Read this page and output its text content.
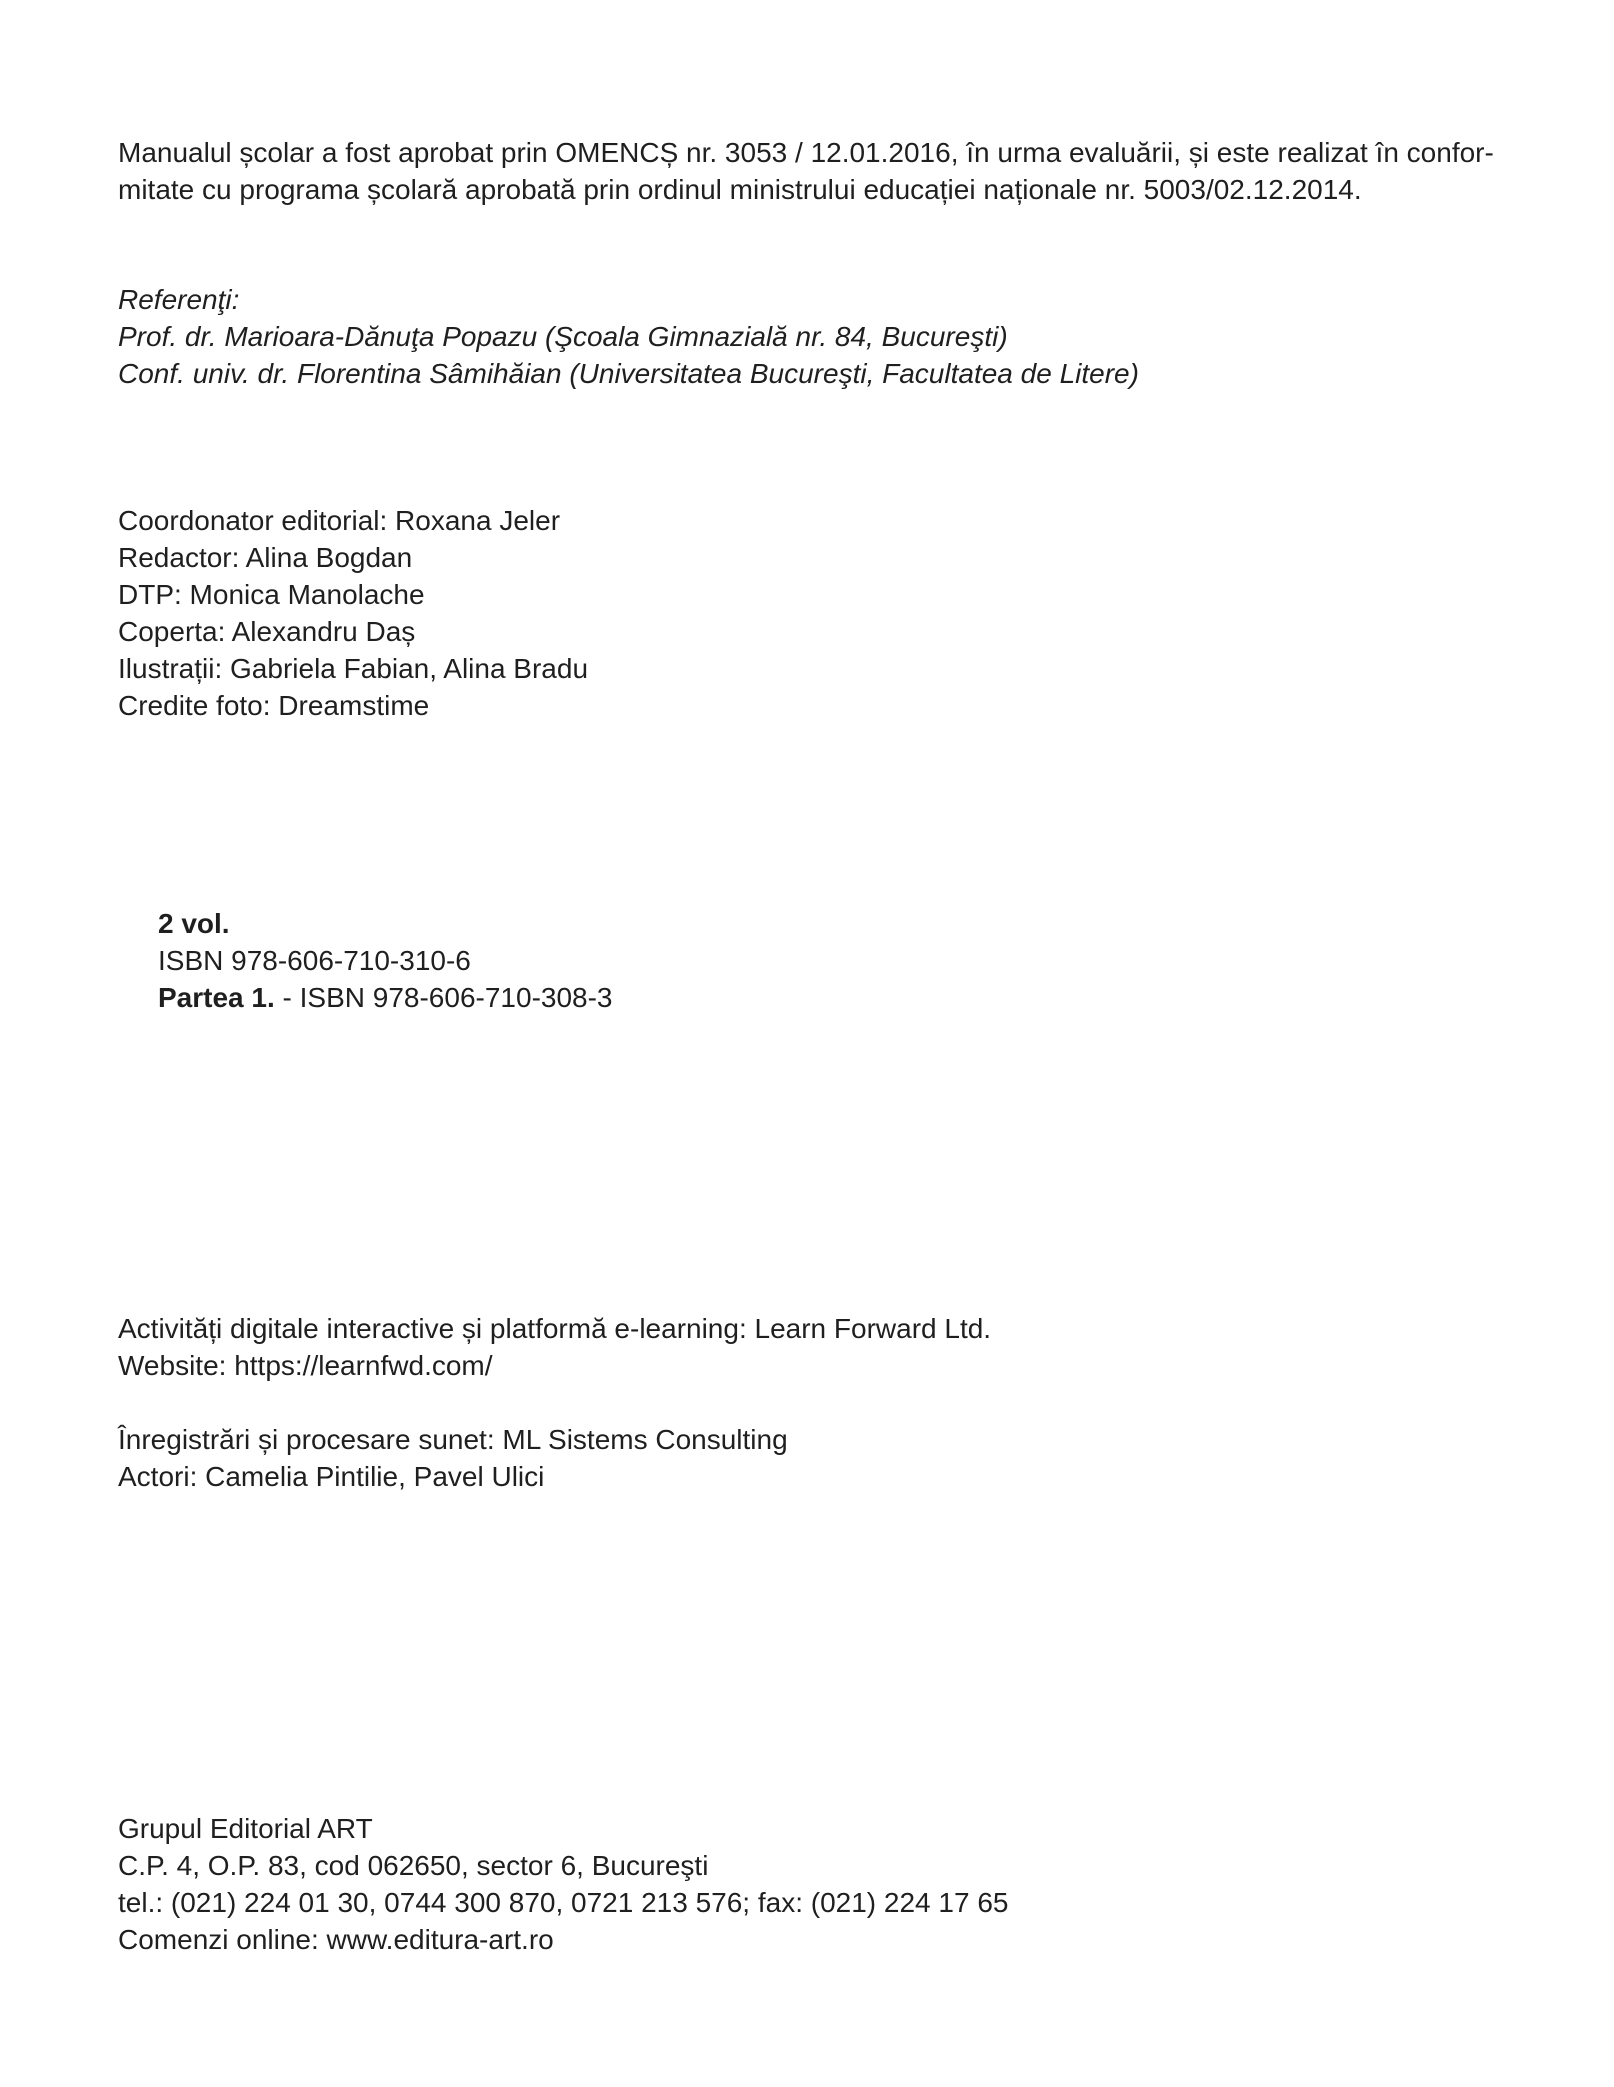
Manualul școlar a fost aprobat prin OMENCȘ nr. 3053 / 12.01.2016, în urma evaluării, și este realizat în confor-
mitate cu programa școlară aprobată prin ordinul ministrului educației naționale nr. 5003/02.12.2014.
Referenţi:
Prof. dr. Marioara-Dănuţa Popazu (Şcoala Gimnazială nr. 84, Bucureşti)
Conf. univ. dr. Florentina Sâmihăian (Universitatea Bucureşti, Facultatea de Litere)
Coordonator editorial: Roxana Jeler
Redactor: Alina Bogdan
DTP: Monica Manolache
Coperta: Alexandru Daș
Ilustrații: Gabriela Fabian, Alina Bradu
Credite foto: Dreamstime
2 vol.
ISBN 978-606-710-310-6
Partea 1. - ISBN 978-606-710-308-3
Activități digitale interactive și platformă e-learning: Learn Forward Ltd.
Website: https://learnfwd.com/
Înregistrări și procesare sunet: ML Sistems Consulting
Actori: Camelia Pintilie, Pavel Ulici
Grupul Editorial ART
C.P. 4, O.P. 83, cod 062650, sector 6, Bucureşti
tel.: (021) 224 01 30, 0744 300 870, 0721 213 576; fax: (021) 224 17 65
Comenzi online: www.editura-art.ro
